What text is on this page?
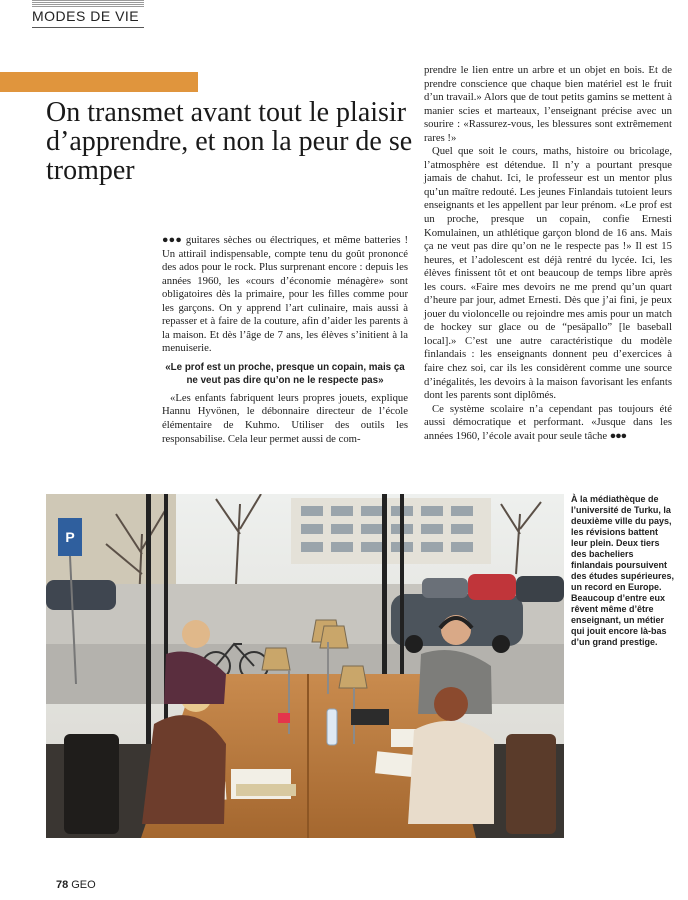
MODES DE VIE
On transmet avant tout le plaisir d’apprendre, et non la peur de se tromper

●●● guitares sèches ou électriques, et même batteries ! Un attirail indispensable, compte tenu du goût prononcé des ados pour le rock. Plus surprenant encore : depuis les années 1960, les «cours d’économie ménagère» sont obligatoires dès la primaire, pour les filles comme pour les garçons. On y apprend l’art culinaire, mais aussi à repasser et à faire de la couture, afin d’aider les parents à la maison. Et dès l’âge de 7 ans, les élèves s’initient à la menuiserie.

«Le prof est un proche, presque un copain, mais ça ne veut pas dire qu’on ne le respecte pas»

«Les enfants fabriquent leurs propres jouets, explique Hannu Hyvönen, le débonnaire directeur de l’école élémentaire de Kuhmo. Utiliser des outils les responsabilise. Cela leur permet aussi de com-

prendre le lien entre un arbre et un objet en bois. Et de prendre conscience que chaque bien matériel est le fruit d’un travail.» Alors que de tout petits gamins se mettent à manier scies et marteaux, l’enseignant précise avec un sourire : «Rassurez-vous, les blessures sont extrêmement rares !»

Quel que soit le cours, maths, histoire ou bricolage, l’atmosphère est détendue. Il n’y a pourtant presque jamais de chahut. Ici, le professeur est un mentor plus qu’un maître redouté. Les jeunes Finlandais tutoient leurs enseignants et les appellent par leur prénom. «Le prof est un proche, presque un copain, confie Ernesti Komulainen, un athlétique garçon blond de 16 ans. Mais ça ne veut pas dire qu’on ne le respecte pas !» Il est 15 heures, et l’adolescent est déjà rentré du lycée. Ici, les élèves finissent tôt et ont beaucoup de temps libre après les cours. «Faire mes devoirs ne me prend qu’un quart d’heure par jour, admet Ernesti. Dès que j’ai fini, je peux jouer du violoncelle ou rejoindre mes amis pour un match de hockey sur glace ou de “pesäpallo” [le baseball local].» C’est une autre caractéristique du modèle finlandais : les enseignants donnent peu d’exercices à faire chez soi, car ils les considèrent comme une source d’inégalités, les devoirs à la maison favorisant les enfants dont les parents sont diplômés.

Ce système scolaire n’a cependant pas toujours été aussi démocratique et performant. «Jusque dans les années 1960, l’école avait pour seule tâche ●●●

P

À la médiathèque de l’université de Turku, la deuxième ville du pays, les révisions battent leur plein. Deux tiers des bacheliers finlandais poursuivent des études supérieures, un record en Europe. Beaucoup d’entre eux rêvent même d’être enseignant, un métier qui jouit encore là-bas d’un grand prestige.

78 GEO
